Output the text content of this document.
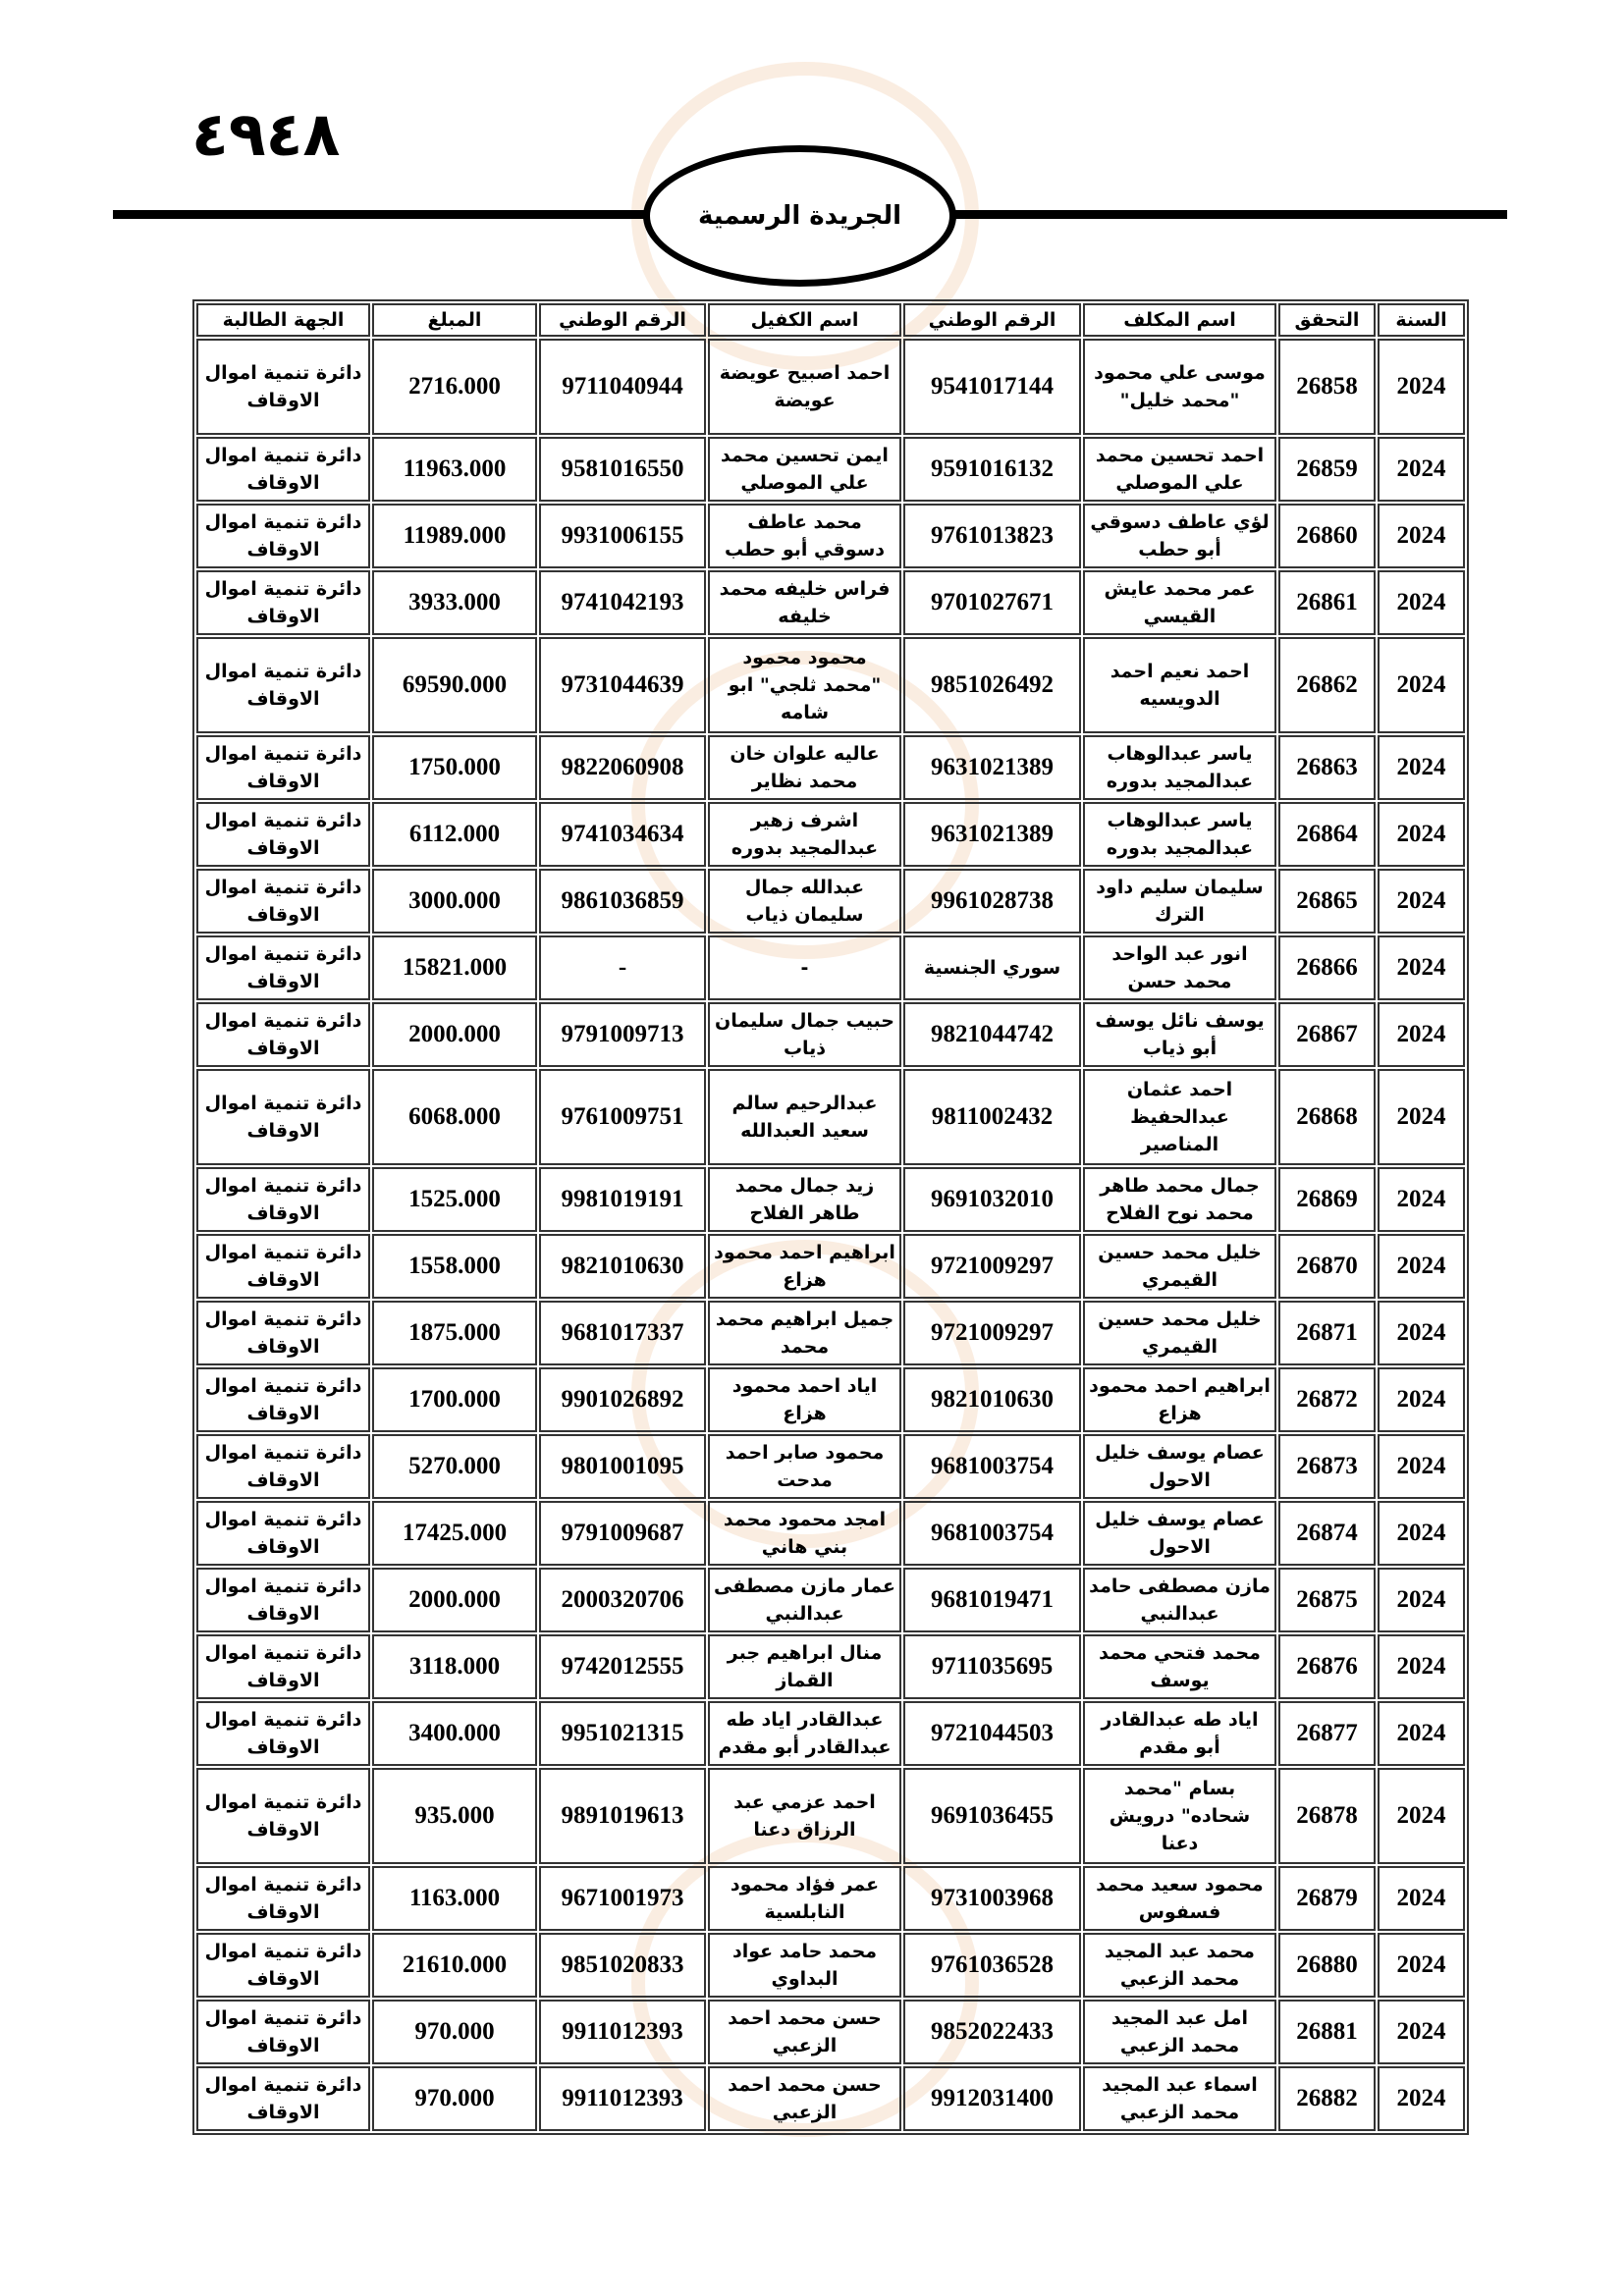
٤٩٤٨
الجريدة الرسمية
السنة	التحقق	اسم المكلف	الرقم الوطني	اسم الكفيل	الرقم الوطني	المبلغ	الجهة الطالبة
2024	26858	موسى علي محمود "محمد خليل"	9541017144	احمد اصبيح عويضة عويضة	9711040944	2716.000	دائرة تنمية اموال الاوقاف
2024	26859	احمد تحسين محمد علي الموصلي	9591016132	ايمن تحسين محمد علي الموصلي	9581016550	11963.000	دائرة تنمية اموال الاوقاف
2024	26860	لؤي عاطف دسوقي أبو حطب	9761013823	محمد عاطف دسوقي أبو حطب	9931006155	11989.000	دائرة تنمية اموال الاوقاف
2024	26861	عمر محمد عايش القيسي	9701027671	فراس خليفه محمد خليفه	9741042193	3933.000	دائرة تنمية اموال الاوقاف
2024	26862	احمد نعيم احمد الدويسيه	9851026492	محمود محمود "محمد ثلجي" ابو شامه	9731044639	69590.000	دائرة تنمية اموال الاوقاف
2024	26863	ياسر عبدالوهاب عبدالمجيد بدوره	9631021389	عاليه علوان خان محمد نظاير	9822060908	1750.000	دائرة تنمية اموال الاوقاف
2024	26864	ياسر عبدالوهاب عبدالمجيد بدوره	9631021389	اشرف زهير عبدالمجيد بدوره	9741034634	6112.000	دائرة تنمية اموال الاوقاف
2024	26865	سليمان سليم داود الترك	9961028738	عبدالله جمال سليمان ذياب	9861036859	3000.000	دائرة تنمية اموال الاوقاف
2024	26866	انور عبد الواحد محمد حسن	سوري الجنسية	-	-	15821.000	دائرة تنمية اموال الاوقاف
2024	26867	يوسف نائل يوسف أبو ذياب	9821044742	حبيب جمال سليمان ذياب	9791009713	2000.000	دائرة تنمية اموال الاوقاف
2024	26868	احمد عثمان عبدالحفيظ المناصير	9811002432	عبدالرحيم سالم سعيد العبدالله	9761009751	6068.000	دائرة تنمية اموال الاوقاف
2024	26869	جمال محمد طاهر محمد نوح الفلاح	9691032010	زيد جمال محمد طاهر الفلاح	9981019191	1525.000	دائرة تنمية اموال الاوقاف
2024	26870	خليل محمد حسين القيمري	9721009297	ابراهيم احمد محمود هزاع	9821010630	1558.000	دائرة تنمية اموال الاوقاف
2024	26871	خليل محمد حسين القيمري	9721009297	جميل ابراهيم محمد محمد	9681017337	1875.000	دائرة تنمية اموال الاوقاف
2024	26872	ابراهيم احمد محمود هزاع	9821010630	اياد احمد محمود هزاع	9901026892	1700.000	دائرة تنمية اموال الاوقاف
2024	26873	عصام يوسف خليل الاحول	9681003754	محمود صابر احمد مدحت	9801001095	5270.000	دائرة تنمية اموال الاوقاف
2024	26874	عصام يوسف خليل الاحول	9681003754	امجد محمود محمد بني هاني	9791009687	17425.000	دائرة تنمية اموال الاوقاف
2024	26875	مازن مصطفى حامد عبدالنبي	9681019471	عمار مازن مصطفى عبدالنبي	2000320706	2000.000	دائرة تنمية اموال الاوقاف
2024	26876	محمد فتحي محمد يوسف	9711035695	منال ابراهيم جبر القماز	9742012555	3118.000	دائرة تنمية اموال الاوقاف
2024	26877	اياد طه عبدالقادر أبو مقدم	9721044503	عبدالقادر اياد طه عبدالقادر أبو مقدم	9951021315	3400.000	دائرة تنمية اموال الاوقاف
2024	26878	بسام "محمد شحاده" درويش دعنا	9691036455	احمد عزمي عبد الرزاق دعنا	9891019613	935.000	دائرة تنمية اموال الاوقاف
2024	26879	محمود سعيد محمد فسفوس	9731003968	عمر فؤاد محمود النابلسية	9671001973	1163.000	دائرة تنمية اموال الاوقاف
2024	26880	محمد عبد المجيد محمد الزعبي	9761036528	محمد حامد عواد البداوي	9851020833	21610.000	دائرة تنمية اموال الاوقاف
2024	26881	امل عبد المجيد محمد الزعبي	9852022433	حسن محمد احمد الزعبي	9911012393	970.000	دائرة تنمية اموال الاوقاف
2024	26882	اسماء عبد المجيد محمد الزعبي	9912031400	حسن محمد احمد الزعبي	9911012393	970.000	دائرة تنمية اموال الاوقاف
